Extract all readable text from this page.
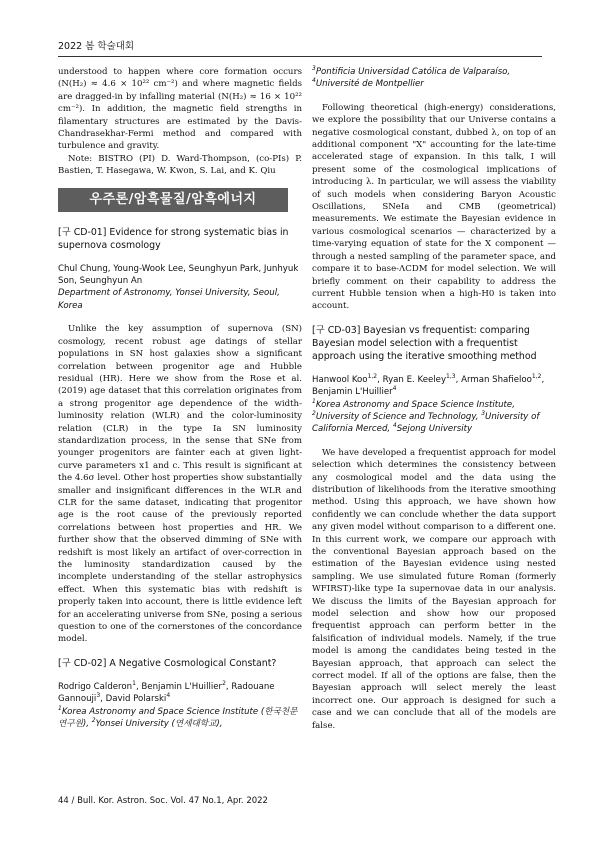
2022 봄 학술대회

understood to happen where core formation occurs (N(H₂) ≈ 4.6 × 10²² cm⁻²) and where magnetic fields are dragged-in by infalling material (N(H₂) ≈ 16 × 10²² cm⁻²). In addition, the magnetic field strengths in filamentary structures are estimated by the Davis-Chandrasekhar-Fermi method and compared with turbulence and gravity.

Note: BISTRO (PI) D. Ward-Thompson, (co-PIs) P. Bastien, T. Hasegawa, W. Kwon, S. Lai, and K. Qiu

우주론/암흑물질/암흑에너지
[구 CD-01] Evidence for strong systematic bias in supernova cosmology
Chul Chung, Young-Wook Lee, Seunghyun Park, Junhyuk Son, Seunghyun An
Department of Astronomy, Yonsei University, Seoul, Korea

Unlike the key assumption of supernova (SN) cosmology, recent robust age datings of stellar populations in SN host galaxies show a significant correlation between progenitor age and Hubble residual (HR). Here we show from the Rose et al. (2019) age dataset that this correlation originates from a strong progenitor age dependence of the width-luminosity relation (WLR) and the color-luminosity relation (CLR) in the type Ia SN luminosity standardization process, in the sense that SNe from younger progenitors are fainter each at given light-curve parameters x1 and c. This result is significant at the 4.6σ level. Other host properties show substantially smaller and insignificant differences in the WLR and CLR for the same dataset, indicating that progenitor age is the root cause of the previously reported correlations between host properties and HR. We further show that the observed dimming of SNe with redshift is most likely an artifact of over-correction in the luminosity standardization caused by the incomplete understanding of the stellar astrophysics effect. When this systematic bias with redshift is properly taken into account, there is little evidence left for an accelerating universe from SNe, posing a serious question to one of the cornerstones of the concordance model.

[구 CD-02] A Negative Cosmological Constant?
Rodrigo Calderon$^1$, Benjamin L'Huillier$^2$, Radouane Gannouji$^3$, David Polarski$^4$
$^1$Korea Astronomy and Space Science Institute (한국천문연구원), $^2$Yonsei University (연세대학교),
$^3$Pontificia Universidad Católica de Valparaíso,
$^4$Université de Montpellier

Following theoretical (high-energy) considerations, we explore the possibility that our Universe contains a negative cosmological constant, dubbed λ, on top of an additional component "X" accounting for the late-time accelerated stage of expansion. In this talk, I will present some of the cosmological implications of introducing λ. In particular, we will assess the viability of such models when considering Baryon Acoustic Oscillations, SNeIa and CMB (geometrical) measurements. We estimate the Bayesian evidence in various cosmological scenarios — characterized by a time-varying equation of state for the X component — through a nested sampling of the parameter space, and compare it to base-ΛCDM for model selection. We will briefly comment on their capability to address the current Hubble tension when a high-H0 is taken into account.

[구 CD-03] Bayesian vs frequentist: comparing Bayesian model selection with a frequentist approach using the iterative smoothing method
Hanwool Koo$^{1,2}$, Ryan E. Keeley$^{1,3}$, Arman Shafieloo$^{1,2}$, Benjamin L'Huillier$^4$
$^1$Korea Astronomy and Space Science Institute, $^2$University of Science and Technology, $^3$University of California Merced, $^4$Sejong University

We have developed a frequentist approach for model selection which determines the consistency between any cosmological model and the data using the distribution of likelihoods from the iterative smoothing method. Using this approach, we have shown how confidently we can conclude whether the data support any given model without comparison to a different one. In this current work, we compare our approach with the conventional Bayesian approach based on the estimation of the Bayesian evidence using nested sampling. We use simulated future Roman (formerly WFIRST)-like type Ia supernovae data in our analysis. We discuss the limits of the Bayesian approach for model selection and show how our proposed frequentist approach can perform better in the falsification of individual models. Namely, if the true model is among the candidates being tested in the Bayesian approach, that approach can select the correct model. If all of the options are false, then the Bayesian approach will select merely the least incorrect one. Our approach is designed for such a case and we can conclude that all of the models are false.

44 / Bull. Kor. Astron. Soc. Vol. 47 No.1, Apr. 2022
